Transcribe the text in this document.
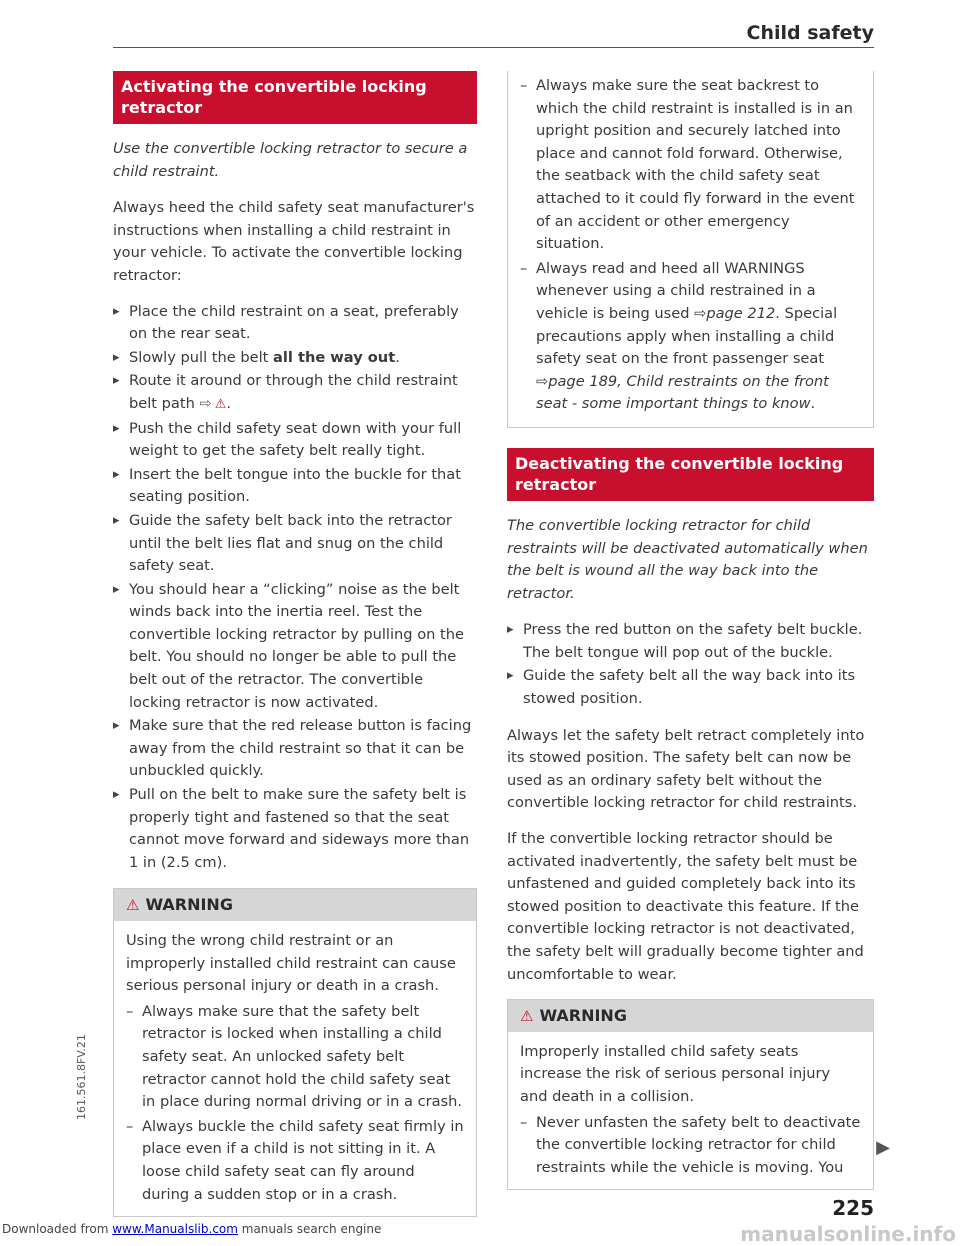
Child safety
Activating the convertible locking retractor

Use the convertible locking retractor to secure a child restraint.

Always heed the child safety seat manufacturer's instructions when installing a child restraint in your vehicle. To activate the convertible locking retractor:

▸ Place the child restraint on a seat, preferably on the rear seat.
▸ Slowly pull the belt all the way out.
▸ Route it around or through the child restraint belt path ⇨ ⚠.
▸ Push the child safety seat down with your full weight to get the safety belt really tight.
▸ Insert the belt tongue into the buckle for that seating position.
▸ Guide the safety belt back into the retractor until the belt lies flat and snug on the child safety seat.
▸ You should hear a “clicking” noise as the belt winds back into the inertia reel. Test the convertible locking retractor by pulling on the belt. You should no longer be able to pull the belt out of the retractor. The convertible locking retractor is now activated.
▸ Make sure that the red release button is facing away from the child restraint so that it can be unbuckled quickly.
▸ Pull on the belt to make sure the safety belt is properly tight and fastened so that the seat cannot move forward and sideways more than 1 in (2.5 cm).
⚠ WARNING

Using the wrong child restraint or an improperly installed child restraint can cause serious personal injury or death in a crash.

– Always make sure that the safety belt retractor is locked when installing a child safety seat. An unlocked safety belt retractor cannot hold the child safety seat in place during normal driving or in a crash.
– Always buckle the child safety seat firmly in place even if a child is not sitting in it. A loose child safety seat can fly around during a sudden stop or in a crash.
– Always make sure the seat backrest to which the child restraint is installed is in an upright position and securely latched into place and cannot fold forward. Otherwise, the seatback with the child safety seat attached to it could fly forward in the event of an accident or other emergency situation.
– Always read and heed all WARNINGS whenever using a child restrained in a vehicle is being used ⇨page 212. Special precautions apply when installing a child safety seat on the front passenger seat ⇨page 189, Child restraints on the front seat - some important things to know.
Deactivating the convertible locking retractor

The convertible locking retractor for child restraints will be deactivated automatically when the belt is wound all the way back into the retractor.

▸ Press the red button on the safety belt buckle. The belt tongue will pop out of the buckle.
▸ Guide the safety belt all the way back into its stowed position.

Always let the safety belt retract completely into its stowed position. The safety belt can now be used as an ordinary safety belt without the convertible locking retractor for child restraints.

If the convertible locking retractor should be activated inadvertently, the safety belt must be unfastened and guided completely back into its stowed position to deactivate this feature. If the convertible locking retractor is not deactivated, the safety belt will gradually become tighter and uncomfortable to wear.

⚠ WARNING

Improperly installed child safety seats increase the risk of serious personal injury and death in a collision.

– Never unfasten the safety belt to deactivate the convertible locking retractor for child restraints while the vehicle is moving. You
▶
161.561.8FV.21
225
Downloaded from www.Manualslib.com manuals search engine	manualsonline.info
